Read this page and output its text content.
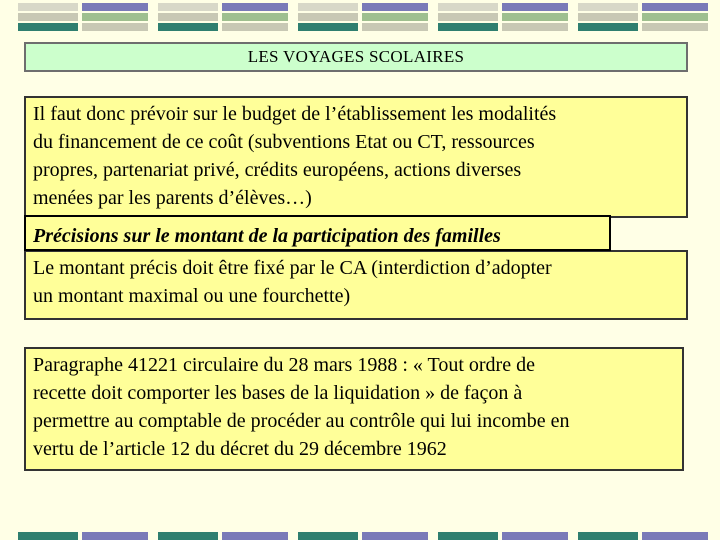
LES VOYAGES SCOLAIRES
Il faut donc prévoir sur le budget de l’établissement les modalités
du financement de ce coût (subventions Etat ou CT, ressources
propres, partenariat privé, crédits européens, actions diverses
menées par les parents d’élèves…)
Le montant précis doit être fixé par le CA (interdiction d’adopter
un montant maximal ou une fourchette)
Précisions sur le montant de la participation des familles
Paragraphe 41221 circulaire du 28 mars 1988 : « Tout ordre de
recette doit comporter les bases de la liquidation » de façon à
permettre au comptable de procéder au contrôle qui lui incombe en
vertu de l’article 12 du décret du 29 décembre 1962
